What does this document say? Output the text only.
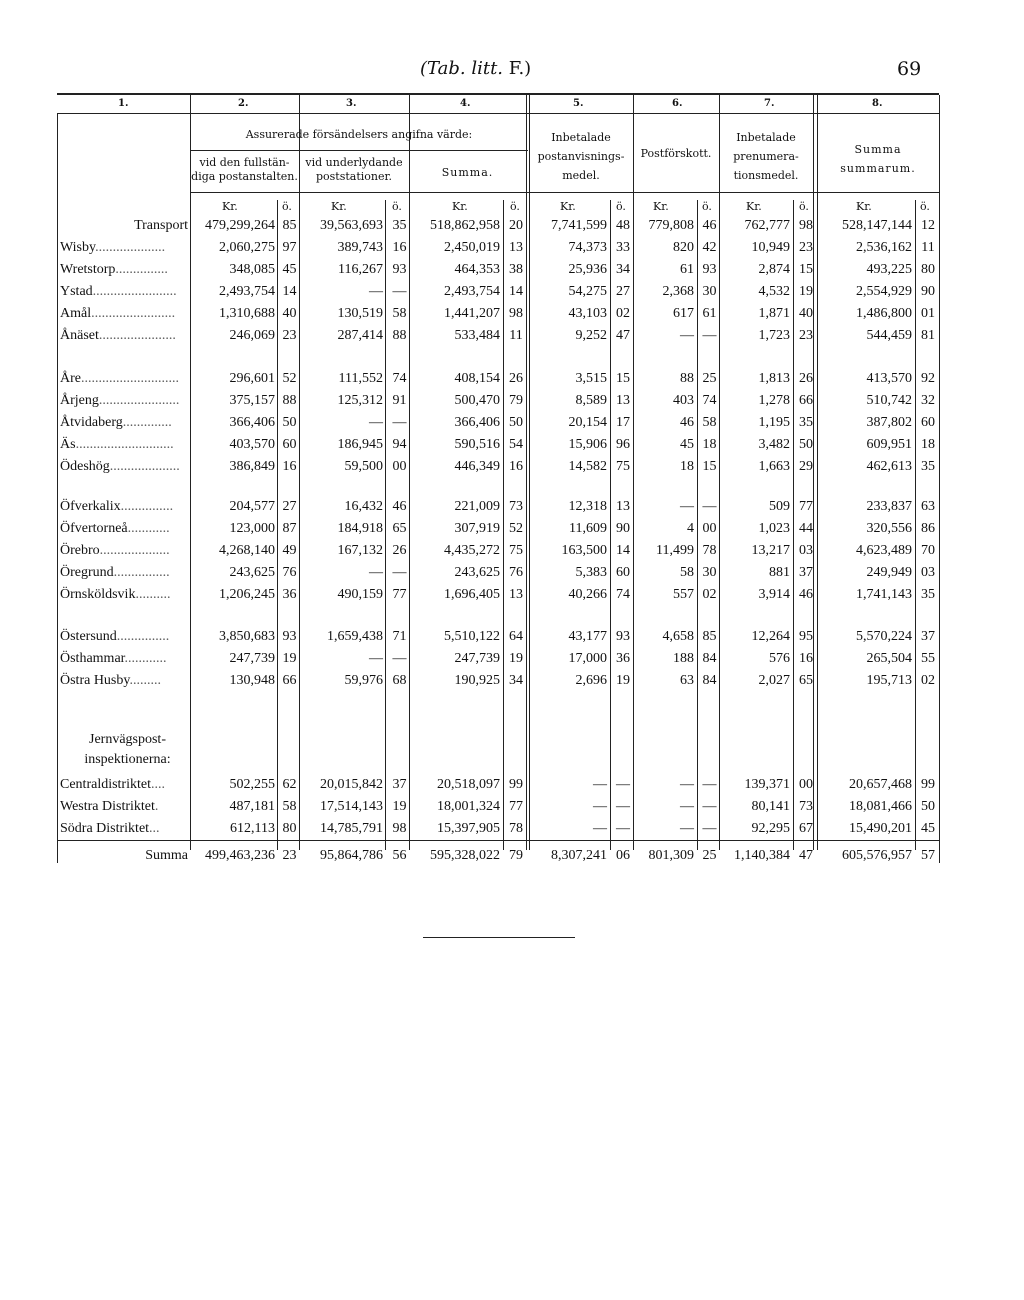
(Tab. litt. F.)	69
1.	2.	3.	4.	5.	6.	7.	8.
Assurerade försändelsers angifna värde:
vid den fullstän-
diga postanstalten.
vid underlydande
poststationer.	Summa.
Inbetalade
postanvisnings-
medel.
Postförskott.
Inbetalade
prenumera-
tionsmedel.
Summa
summarum.
Kr.	ö.	Kr.	ö.	Kr.	ö.	Kr.	ö. Kr.	ö.	Kr.	ö.	Kr.	ö.
Jernvägspost-
inspektionerna:
Transport	479,299,264 85	39,563,693 35	518,862,958 20	7,741,599 48	779,808 46	762,777 98	528,147,144 12
Wisby....................	2,060,275 97	389,743 16	2,450,019 13	74,373 33	820 42	10,949 23	2,536,162 11
Wretstorp...............	348,085 45	116,267 93	464,353 38	25,936 34	61 93	2,874 15	493,225 80
Ystad........................	2,493,754 14	— —	2,493,754 14	54,275 27	2,368 30	4,532 19	2,554,929 90
Amål........................	1,310,688 40	130,519 58	1,441,207 98	43,103 02	617 61	1,871 40	1,486,800 01
Ånäset......................	246,069 23	287,414 88	533,484 11	9,252 47	— —	1,723 23	544,459 81
Åre............................	296,601 52	111,552 74	408,154 26	3,515 15	88 25	1,813 26	413,570 92
Årjeng.......................	375,157 88	125,312 91	500,470 79	8,589 13	403 74	1,278 66	510,742 32
Åtvidaberg..............	366,406 50	— —	366,406 50	20,154 17	46 58	1,195 35	387,802 60
Äs............................	403,570 60	186,945 94	590,516 54	15,906 96	45 18	3,482 50	609,951 18
Ödeshög....................	386,849 16	59,500 00	446,349 16	14,582 75	18 15	1,663 29	462,613 35
Öfverkalix...............	204,577 27	16,432 46	221,009 73	12,318 13	— —	509 77	233,837 63
Öfvertorneå............	123,000 87	184,918 65	307,919 52	11,609 90	4 00	1,023 44	320,556 86
Örebro....................	4,268,140 49	167,132 26	4,435,272 75	163,500 14	11,499 78	13,217 03	4,623,489 70
Öregrund................	243,625 76	— —	243,625 76	5,383 60	58 30	881 37	249,949 03
Örnsköldsvik..........	1,206,245 36	490,159 77	1,696,405 13	40,266 74	557 02	3,914 46	1,741,143 35
Östersund...............	3,850,683 93	1,659,438 71	5,510,122 64	43,177 93	4,658 85	12,264 95	5,570,224 37
Östhammar............	247,739 19	— —	247,739 19	17,000 36	188 84	576 16	265,504 55
Östra Husby.........	130,948 66	59,976 68	190,925 34	2,696 19	63 84	2,027 65	195,713 02
Centraldistriktet....	502,255 62	20,015,842 37	20,518,097 99	— —	— —	139,371 00	20,657,468 99
Westra Distriktet.	487,181 58	17,514,143 19	18,001,324 77	— —	— —	80,141 73	18,081,466 50
Södra Distriktet...	612,113 80	14,785,791 98	15,397,905 78	— —	— —	92,295 67	15,490,201 45
Summa	499,463,236 23	95,864,786 56	595,328,022 79	8,307,241 06	801,309 25	1,140,384 47	605,576,957 57
